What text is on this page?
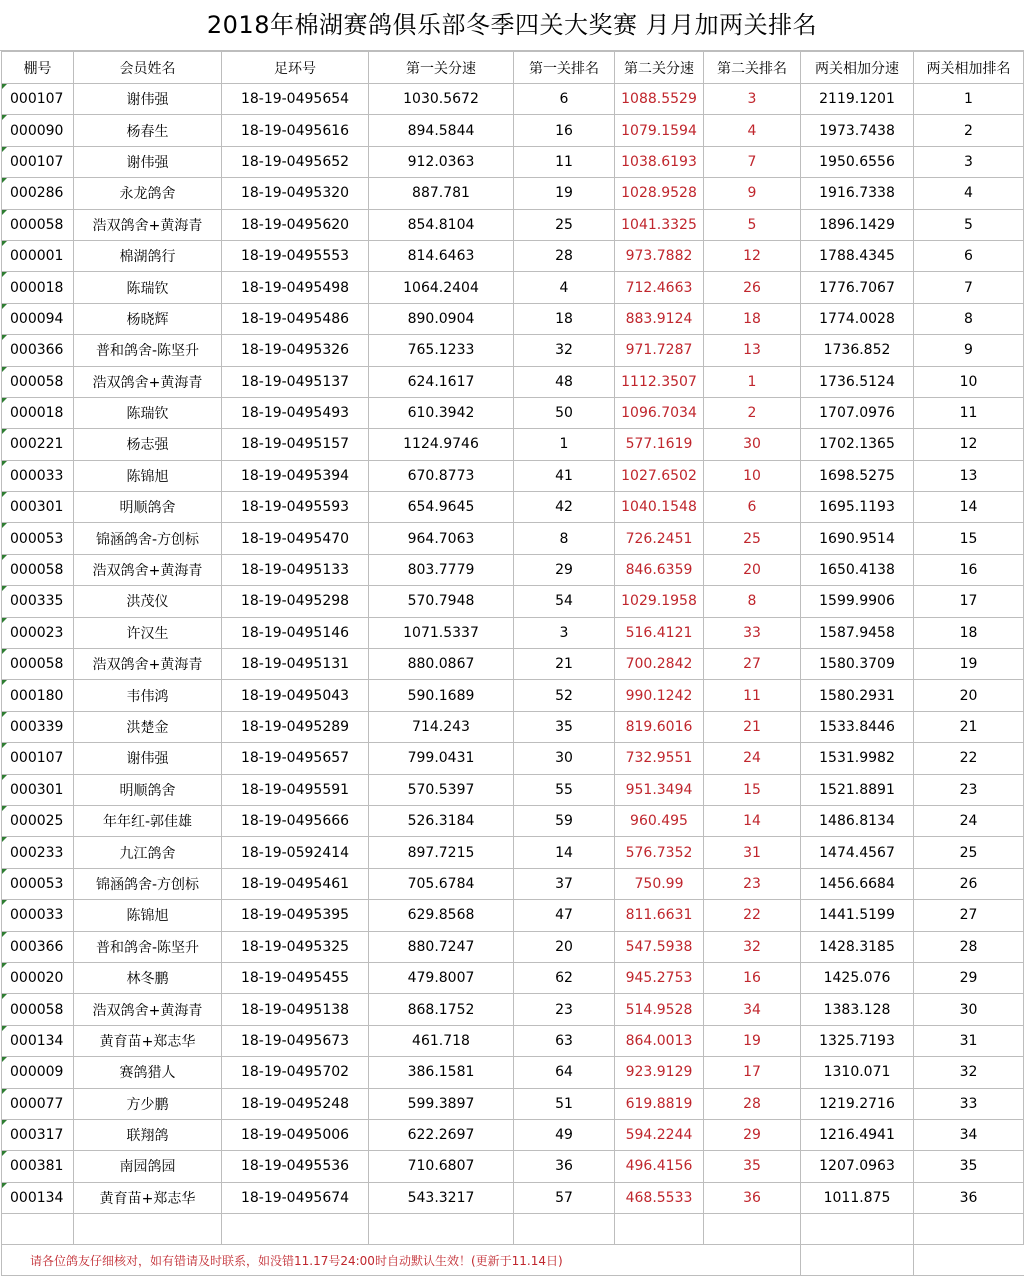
2018年棉湖赛鸽俱乐部冬季四关大奖赛 月月加两关排名
棚号	会员姓名	足环号	第一关分速	第一关排名	第二关分速	第二关排名	两关相加分速	两关相加排名
000107	谢伟强	18-19-0495654	1030.5672	6	1088.5529	3	2119.1201	1
000090	杨春生	18-19-0495616	894.5844	16	1079.1594	4	1973.7438	2
000107	谢伟强	18-19-0495652	912.0363	11	1038.6193	7	1950.6556	3
000286	永龙鸽舍	18-19-0495320	887.781	19	1028.9528	9	1916.7338	4
000058	浩双鸽舍+黄海青	18-19-0495620	854.8104	25	1041.3325	5	1896.1429	5
000001	棉湖鸽行	18-19-0495553	814.6463	28	973.7882	12	1788.4345	6
000018	陈瑞钦	18-19-0495498	1064.2404	4	712.4663	26	1776.7067	7
000094	杨晓辉	18-19-0495486	890.0904	18	883.9124	18	1774.0028	8
000366	普和鸽舍-陈坚升	18-19-0495326	765.1233	32	971.7287	13	1736.852	9
000058	浩双鸽舍+黄海青	18-19-0495137	624.1617	48	1112.3507	1	1736.5124	10
000018	陈瑞钦	18-19-0495493	610.3942	50	1096.7034	2	1707.0976	11
000221	杨志强	18-19-0495157	1124.9746	1	577.1619	30	1702.1365	12
000033	陈锦旭	18-19-0495394	670.8773	41	1027.6502	10	1698.5275	13
000301	明顺鸽舍	18-19-0495593	654.9645	42	1040.1548	6	1695.1193	14
000053	锦涵鸽舍-方创标	18-19-0495470	964.7063	8	726.2451	25	1690.9514	15
000058	浩双鸽舍+黄海青	18-19-0495133	803.7779	29	846.6359	20	1650.4138	16
000335	洪茂仪	18-19-0495298	570.7948	54	1029.1958	8	1599.9906	17
000023	许汉生	18-19-0495146	1071.5337	3	516.4121	33	1587.9458	18
000058	浩双鸽舍+黄海青	18-19-0495131	880.0867	21	700.2842	27	1580.3709	19
000180	韦伟鸿	18-19-0495043	590.1689	52	990.1242	11	1580.2931	20
000339	洪楚金	18-19-0495289	714.243	35	819.6016	21	1533.8446	21
000107	谢伟强	18-19-0495657	799.0431	30	732.9551	24	1531.9982	22
000301	明顺鸽舍	18-19-0495591	570.5397	55	951.3494	15	1521.8891	23
000025	年年红-郭佳雄	18-19-0495666	526.3184	59	960.495	14	1486.8134	24
000233	九江鸽舍	18-19-0592414	897.7215	14	576.7352	31	1474.4567	25
000053	锦涵鸽舍-方创标	18-19-0495461	705.6784	37	750.99	23	1456.6684	26
000033	陈锦旭	18-19-0495395	629.8568	47	811.6631	22	1441.5199	27
000366	普和鸽舍-陈坚升	18-19-0495325	880.7247	20	547.5938	32	1428.3185	28
000020	林冬鹏	18-19-0495455	479.8007	62	945.2753	16	1425.076	29
000058	浩双鸽舍+黄海青	18-19-0495138	868.1752	23	514.9528	34	1383.128	30
000134	黄育苗+郑志华	18-19-0495673	461.718	63	864.0013	19	1325.7193	31
000009	赛鸽猎人	18-19-0495702	386.1581	64	923.9129	17	1310.071	32
000077	方少鹏	18-19-0495248	599.3897	51	619.8819	28	1219.2716	33
000317	联翔鸽	18-19-0495006	622.2697	49	594.2244	29	1216.4941	34
000381	南园鸽园	18-19-0495536	710.6807	36	496.4156	35	1207.0963	35
000134	黄育苗+郑志华	18-19-0495674	543.3217	57	468.5533	36	1011.875	36

请各位鸽友仔细核对，如有错请及时联系，如没错11.17号24:00时自动默认生效！(更新于11.14日)								
